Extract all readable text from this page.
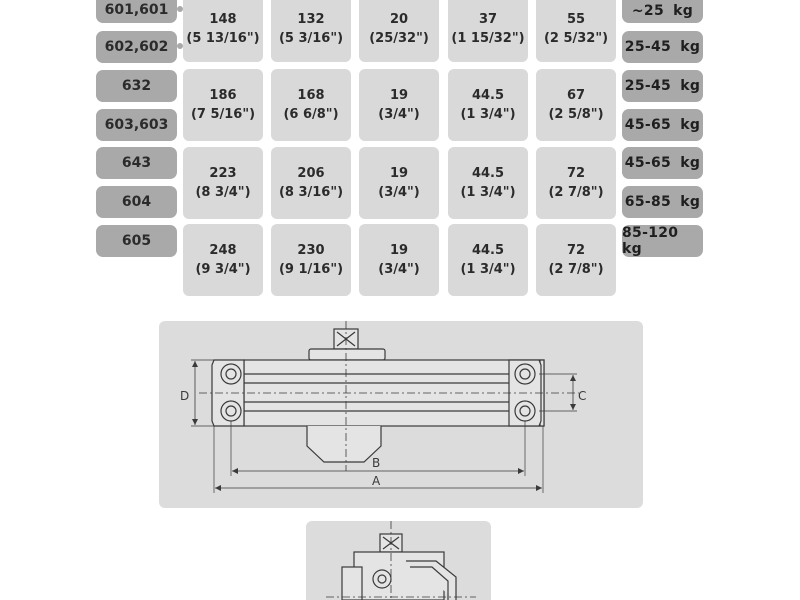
601,601
602,602
632
603,603
643
604
605
148
(5 13/16")
132
(5 3/16")
20
(25/32")
37
(1 15/32")
55
(2 5/32")
186
(7 5/16")
168
(6 6/8")
19
(3/4")
44.5
(1 3/4")
67
(2 5/8")
223
(8 3/4")
206
(8 3/16")
19
(3/4")
44.5
(1 3/4")
72
(2 7/8")
248
(9 3/4")
230
(9 1/16")
19
(3/4")
44.5
(1 3/4")
72
(2 7/8")
~25 kg
25-45 kg
25-45 kg
45-65 kg
45-65 kg
65-85 kg
85-120 kg
D	C
B
A
